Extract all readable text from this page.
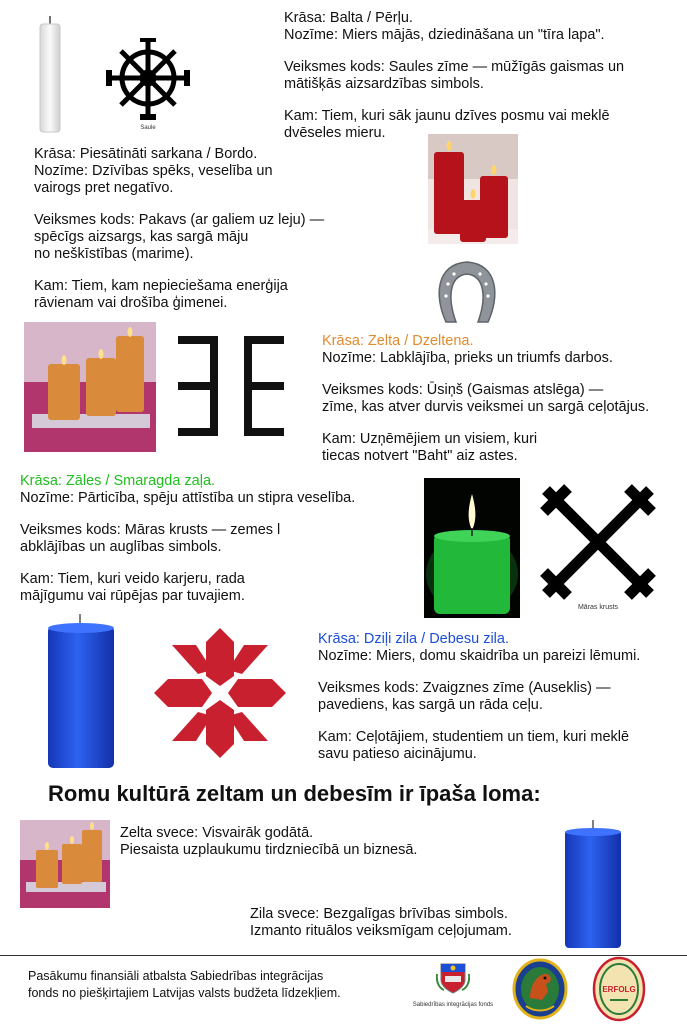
Saule

Krāsa: Balta / Pērļu.

Nozīme: Miers mājās, dziedināšana un "tīra lapa".

Veiksmes kods: Saules zīme — mūžīgās gaismas un
mātišķās aizsardzības simbols.

Kam: Tiem, kuri sāk jaunu dzīves posmu vai meklē
dvēseles mieru.

Krāsa: Piesātināti sarkana / Bordo.

Nozīme: Dzīvības spēks, veselība un
vairogs pret negatīvo.

Veiksmes kods: Pakavs (ar galiem uz leju) —
spēcīgs aizsargs, kas sargā māju
no neškīstības (marime).

Kam: Tiem, kam nepieciešama enerģija
rāvienam vai drošība ģimenei.

Krāsa: Zelta / Dzeltena.

Nozīme: Labklājība, prieks un triumfs darbos.

Veiksmes kods: Ūsiņš (Gaismas atslēga) —
zīme, kas atver durvis veiksmei un sargā ceļotājus.

Kam: Uzņēmējiem un visiem, kuri
tiecas notvert "Baht" aiz astes.

Krāsa: Zāles / Smaragda zaļa.

Nozīme: Pārticība, spēju attīstība un stipra veselība.

Veiksmes kods: Māras krusts — zemes l
abklājības un auglības simbols.

Kam: Tiem, kuri veido karjeru, rada
mājīgumu vai rūpējas par tuvajiem.

Māras krusts

Krāsa: Dziļi zila / Debesu zila.

Nozīme: Miers, domu skaidrība un pareizi lēmumi.

Veiksmes kods: Zvaigznes zīme (Auseklis) —
pavediens, kas sargā un rāda ceļu.

Kam: Ceļotājiem, studentiem un tiem, kuri meklē
savu patieso aicinājumu.

Romu kultūrā zeltam un debesīm ir īpaša loma:

Zelta svece: Visvairāk godātā.
Piesaista uzplaukumu tirdzniecībā un biznesā.

Zila svece: Bezgalīgas brīvības simbols.
Izmanto rituālos veiksmīgam ceļojumam.

Pasākumu finansiāli atbalsta Sabiedrības integrācijas
fonds no piešķirtajiem Latvijas valsts budžeta līdzekļiem.
Sabiedrības integrācijas fonds
ERFOLG
